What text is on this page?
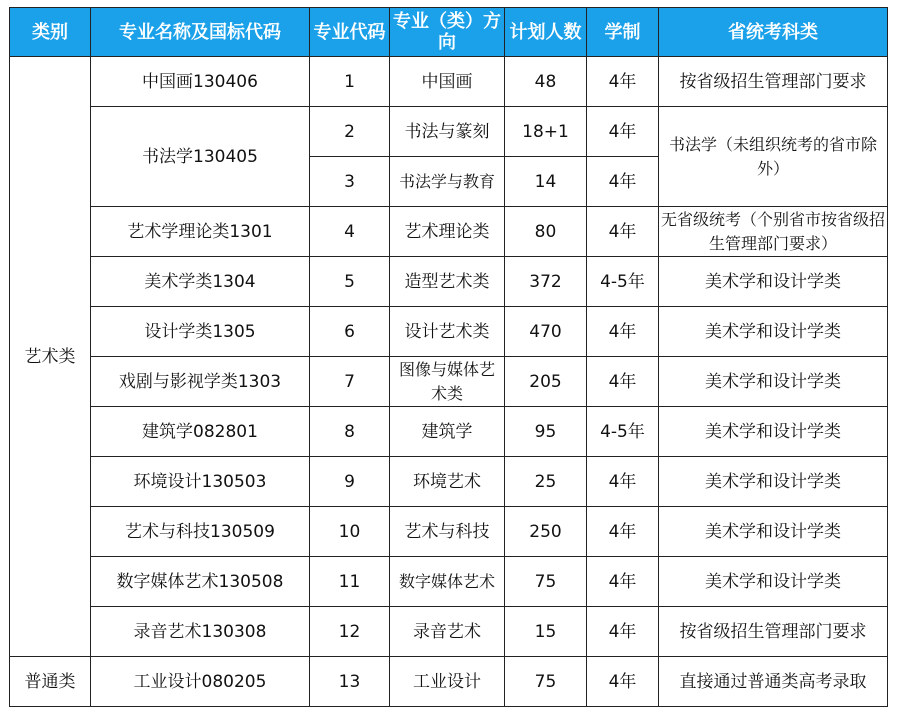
类别	专业名称及国标代码	专业代码	专业（类）方向	计划人数	学制	省统考科类
艺术类	中国画130406	1	中国画	48	4年	按省级招生管理部门要求
	书法学130405	2	书法与篆刻	18+1	4年	书法学（未组织统考的省市除外）
		3	书法学与教育	14	4年	
	艺术学理论类1301	4	艺术理论类	80	4年	无省级统考（个别省市按省级招生管理部门要求）
	美术学类1304	5	造型艺术类	372	4-5年	美术学和设计学类
	设计学类1305	6	设计艺术类	470	4年	美术学和设计学类
	戏剧与影视学类1303	7	图像与媒体艺术类	205	4年	美术学和设计学类
	建筑学082801	8	建筑学	95	4-5年	美术学和设计学类
	环境设计130503	9	环境艺术	25	4年	美术学和设计学类
	艺术与科技130509	10	艺术与科技	250	4年	美术学和设计学类
	数字媒体艺术130508	11	数字媒体艺术	75	4年	美术学和设计学类
	录音艺术130308	12	录音艺术	15	4年	按省级招生管理部门要求
普通类	工业设计080205	13	工业设计	75	4年	直接通过普通类高考录取
